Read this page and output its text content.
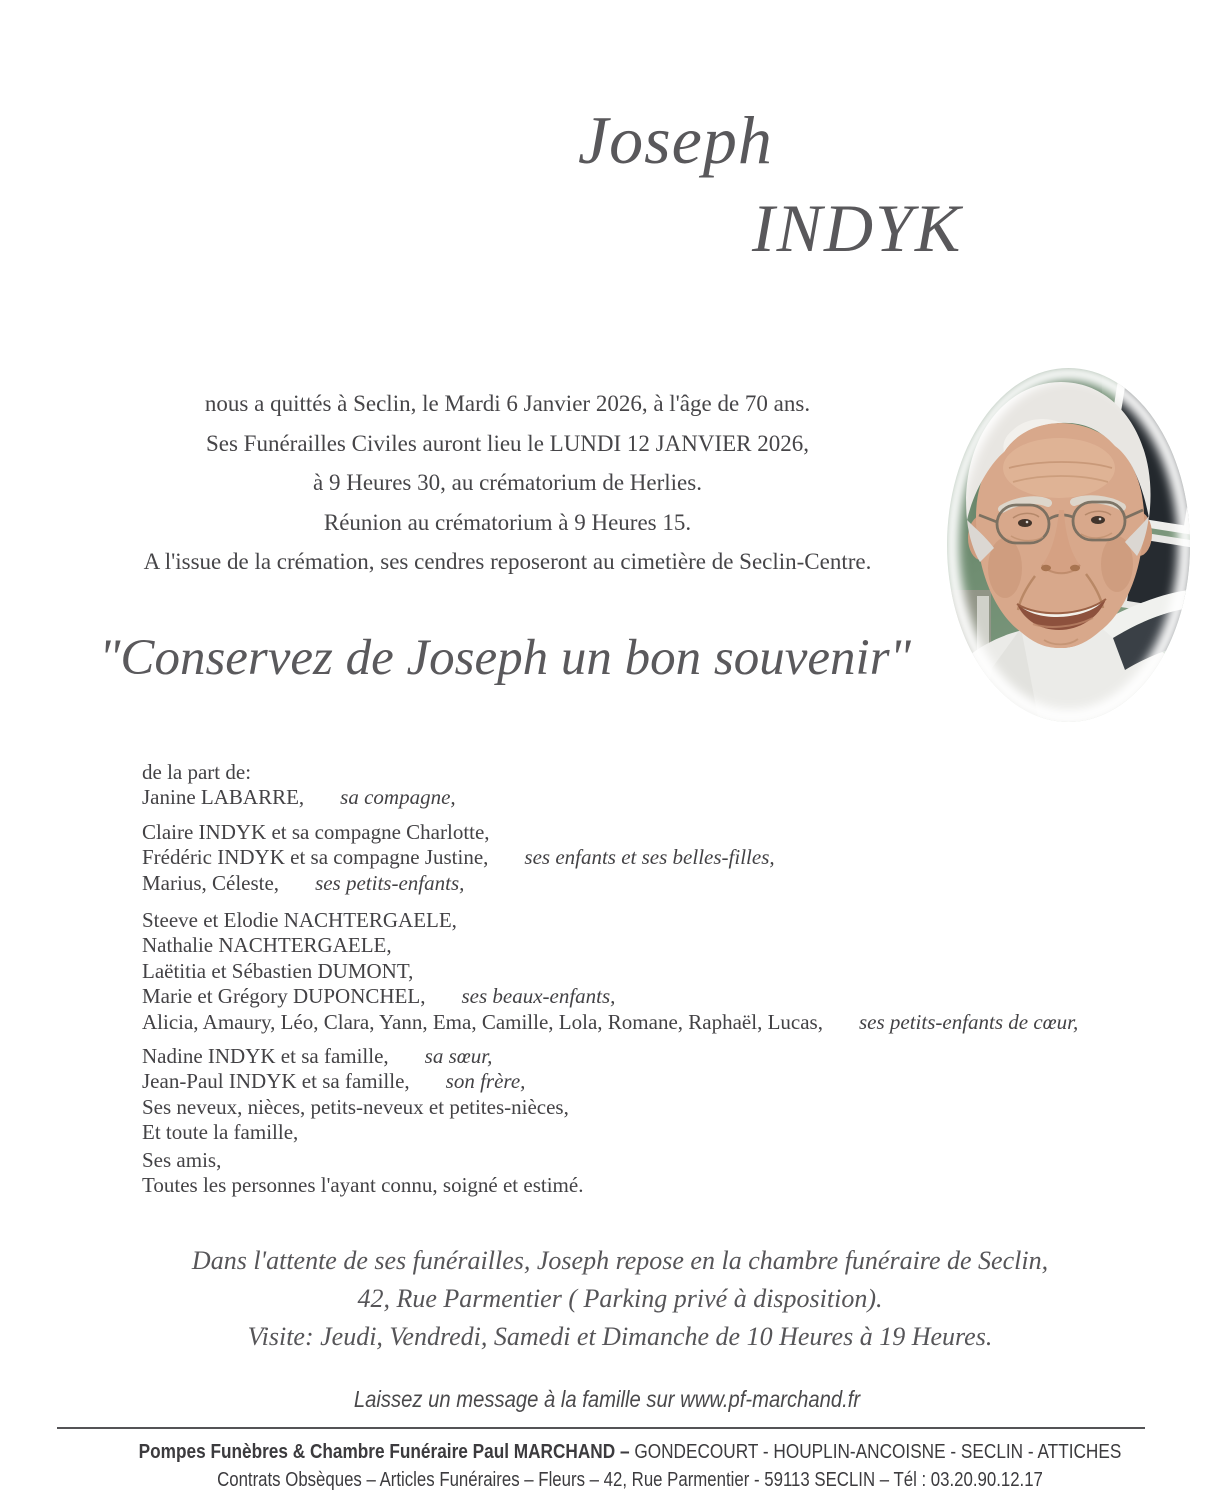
Joseph
INDYK
nous a quittés à Seclin, le Mardi 6 Janvier 2026, à l'âge de 70 ans.
Ses Funérailles Civiles auront lieu le LUNDI 12 JANVIER 2026,
à 9 Heures 30, au crématorium de Herlies.
Réunion au crématorium à 9 Heures 15.
A l'issue de la crémation, ses cendres reposeront au cimetière de Seclin-Centre.
"Conservez de Joseph un bon souvenir"
de la part de:
Janine LABARRE, sa compagne,
Claire INDYK et sa compagne Charlotte,
Frédéric INDYK et sa compagne Justine, ses enfants et ses belles-filles,
Marius, Céleste, ses petits-enfants,
Steeve et Elodie NACHTERGAELE,
Nathalie NACHTERGAELE,
Laëtitia et Sébastien DUMONT,
Marie et Grégory DUPONCHEL, ses beaux-enfants,
Alicia, Amaury, Léo, Clara, Yann, Ema, Camille, Lola, Romane, Raphaël, Lucas, ses petits-enfants de cœur,
Nadine INDYK et sa famille, sa sœur,
Jean-Paul INDYK et sa famille, son frère,
Ses neveux, nièces, petits-neveux et petites-nièces,
Et toute la famille,
Ses amis,
Toutes les personnes l'ayant connu, soigné et estimé.
Dans l'attente de ses funérailles, Joseph repose en la chambre funéraire de Seclin,
42, Rue Parmentier ( Parking privé à disposition).
Visite: Jeudi, Vendredi, Samedi et Dimanche de 10 Heures à 19 Heures.
Laissez un message à la famille sur www.pf-marchand.fr
Pompes Funèbres & Chambre Funéraire Paul MARCHAND – GONDECOURT - HOUPLIN-ANCOISNE - SECLIN - ATTICHES
Contrats Obsèques – Articles Funéraires – Fleurs – 42, Rue Parmentier - 59113 SECLIN – Tél : 03.20.90.12.17
